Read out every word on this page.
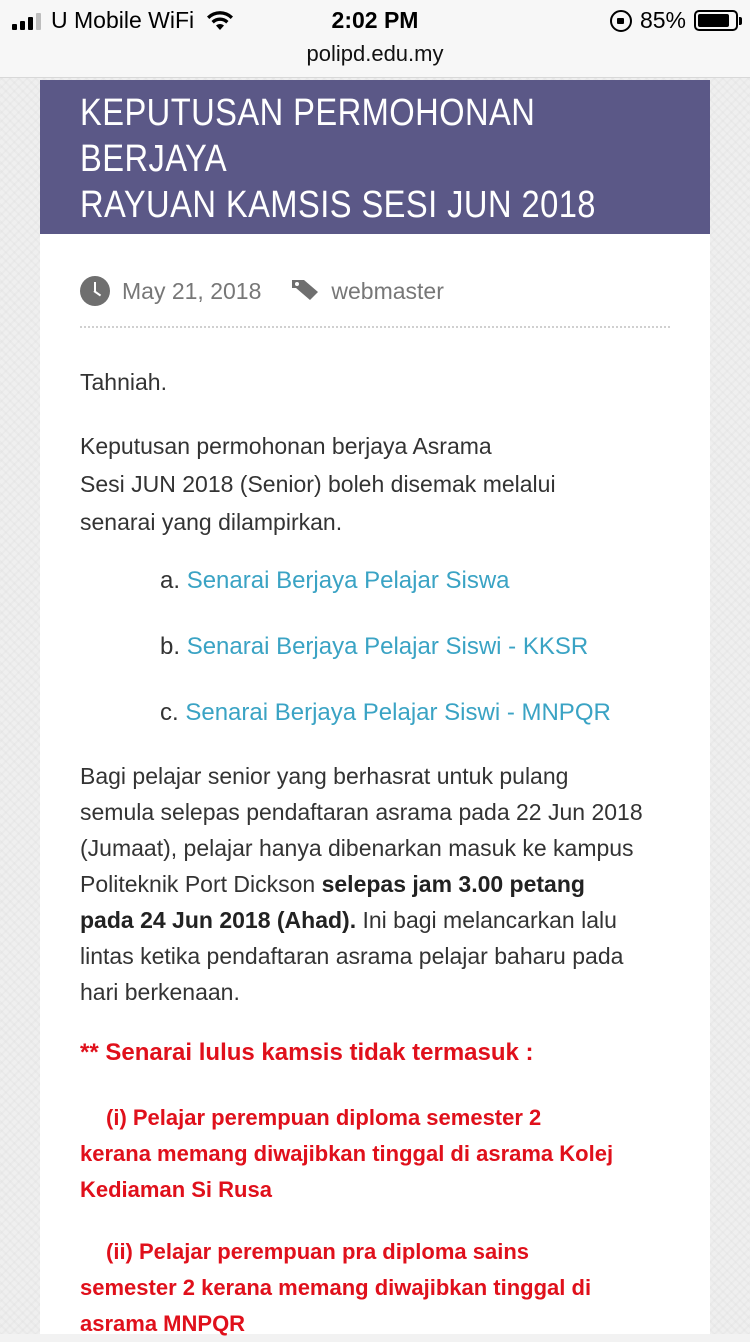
U Mobile WiFi	2:02 PM	85%
polipd.edu.my
KEPUTUSAN PERMOHONAN BERJAYA
RAYUAN KAMSIS SESI JUN 2018
May 21, 2018	webmaster
Tahniah.
Keputusan permohonan berjaya Asrama
Sesi JUN 2018 (Senior) boleh disemak melalui
senarai yang dilampirkan.
a. Senarai Berjaya Pelajar Siswa
b. Senarai Berjaya Pelajar Siswi - KKSR
c. Senarai Berjaya Pelajar Siswi - MNPQR
Bagi pelajar senior yang berhasrat untuk pulang
semula selepas pendaftaran asrama pada 22 Jun 2018
(Jumaat), pelajar hanya dibenarkan masuk ke kampus
Politeknik Port Dickson selepas jam 3.00 petang
pada 24 Jun 2018 (Ahad). Ini bagi melancarkan lalu
lintas ketika pendaftaran asrama pelajar baharu pada
hari berkenaan.
** Senarai lulus kamsis tidak termasuk :
(i) Pelajar perempuan diploma semester 2
kerana memang diwajibkan tinggal di asrama Kolej
Kediaman Si Rusa
(ii) Pelajar perempuan pra diploma sains
semester 2 kerana memang diwajibkan tinggal di
asrama MNPQR
